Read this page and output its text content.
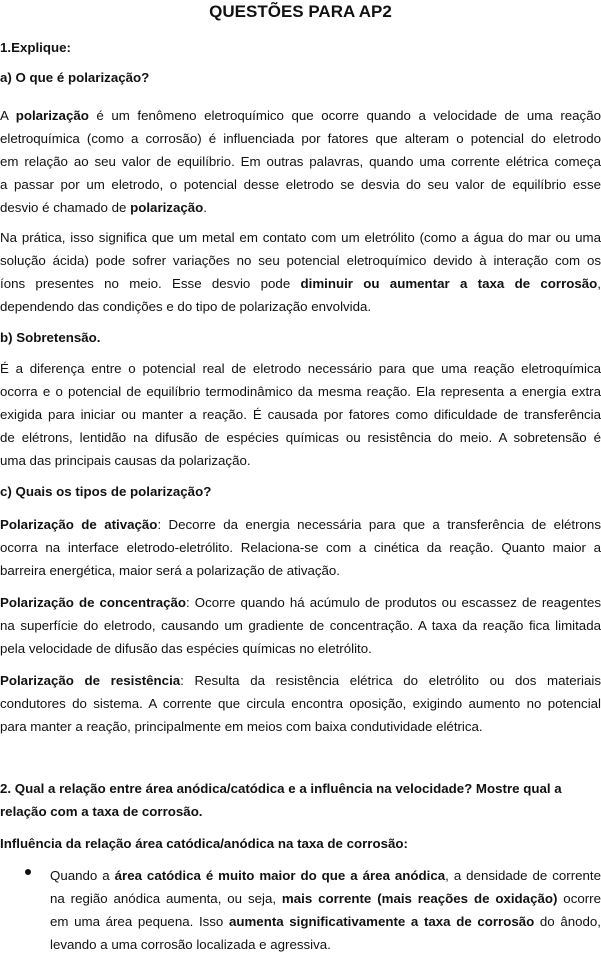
QUESTÕES PARA AP2
1.Explique:
a) O que é polarização?
A polarização é um fenômeno eletroquímico que ocorre quando a velocidade de uma reação
eletroquímica (como a corrosão) é influenciada por fatores que alteram o potencial do eletrodo
em relação ao seu valor de equilíbrio. Em outras palavras, quando uma corrente elétrica começa
a passar por um eletrodo, o potencial desse eletrodo se desvia do seu valor de equilíbrio esse
desvio é chamado de polarização.
Na prática, isso significa que um metal em contato com um eletrólito (como a água do mar ou uma
solução ácida) pode sofrer variações no seu potencial eletroquímico devido à interação com os
íons presentes no meio. Esse desvio pode diminuir ou aumentar a taxa de corrosão,
dependendo das condições e do tipo de polarização envolvida.
b) Sobretensão.
É a diferença entre o potencial real de eletrodo necessário para que uma reação eletroquímica
ocorra e o potencial de equilíbrio termodinâmico da mesma reação. Ela representa a energia extra
exigida para iniciar ou manter a reação. É causada por fatores como dificuldade de transferência
de elétrons, lentidão na difusão de espécies químicas ou resistência do meio. A sobretensão é
uma das principais causas da polarização.
c) Quais os tipos de polarização?
Polarização de ativação: Decorre da energia necessária para que a transferência de elétrons
ocorra na interface eletrodo-eletrólito. Relaciona-se com a cinética da reação. Quanto maior a
barreira energética, maior será a polarização de ativação.
Polarização de concentração: Ocorre quando há acúmulo de produtos ou escassez de reagentes
na superfície do eletrodo, causando um gradiente de concentração. A taxa da reação fica limitada
pela velocidade de difusão das espécies químicas no eletrólito.
Polarização de resistência: Resulta da resistência elétrica do eletrólito ou dos materiais
condutores do sistema. A corrente que circula encontra oposição, exigindo aumento no potencial
para manter a reação, principalmente em meios com baixa condutividade elétrica.
2. Qual a relação entre área anódica/catódica e a influência na velocidade? Mostre qual a
relação com a taxa de corrosão.
Influência da relação área catódica/anódica na taxa de corrosão:
Quando a área catódica é muito maior do que a área anódica, a densidade de corrente
na região anódica aumenta, ou seja, mais corrente (mais reações de oxidação) ocorre
em uma área pequena. Isso aumenta significativamente a taxa de corrosão do ânodo,
levando a uma corrosão localizada e agressiva.
